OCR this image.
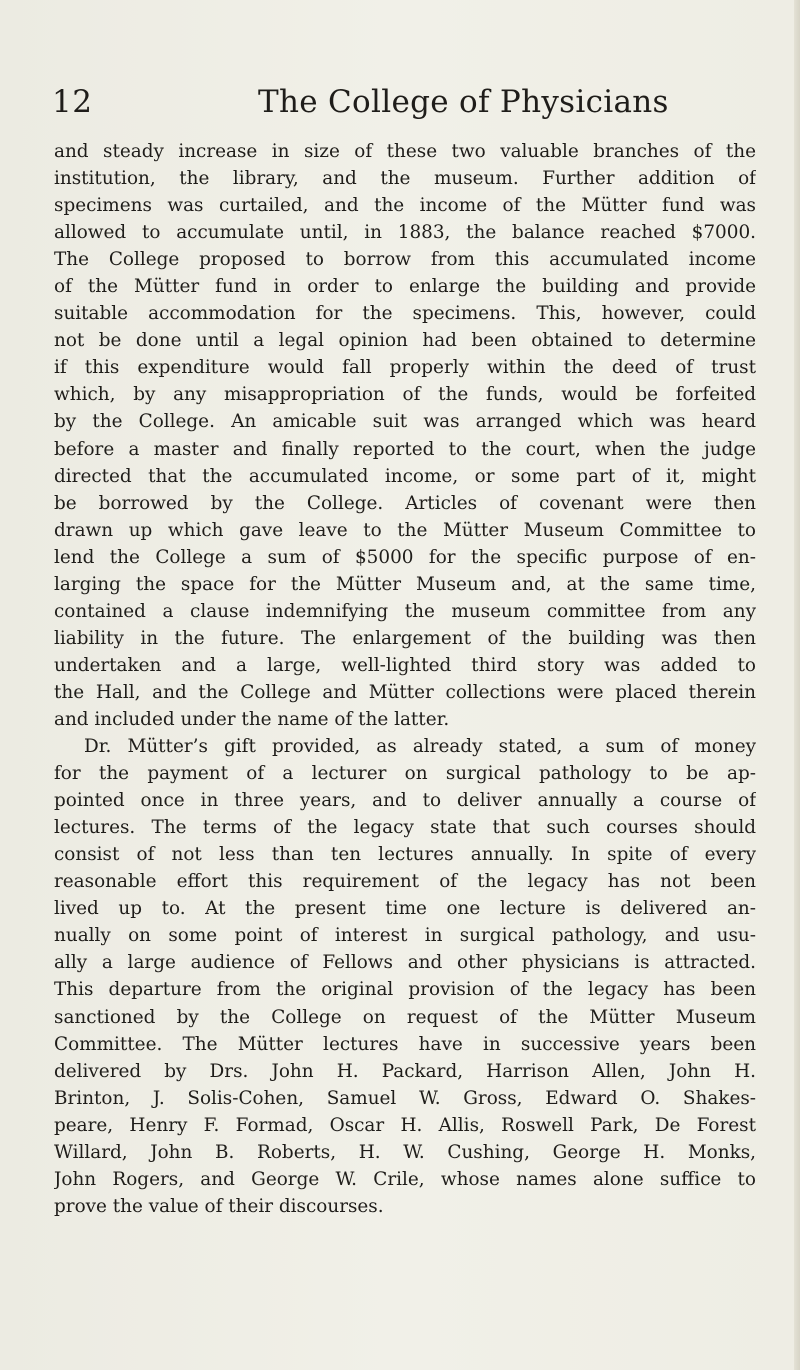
12	The College of Physicians
and steady increase in size of these two valuable branches of the
institution, the library, and the museum. Further addition of
specimens was curtailed, and the income of the Mütter fund was
allowed to accumulate until, in 1883, the balance reached $7000.
The College proposed to borrow from this accumulated income
of the Mütter fund in order to enlarge the building and provide
suitable accommodation for the specimens. This, however, could
not be done until a legal opinion had been obtained to determine
if this expenditure would fall properly within the deed of trust
which, by any misappropriation of the funds, would be forfeited
by the College. An amicable suit was arranged which was heard
before a master and finally reported to the court, when the judge
directed that the accumulated income, or some part of it, might
be borrowed by the College. Articles of covenant were then
drawn up which gave leave to the Mütter Museum Committee to
lend the College a sum of $5000 for the specific purpose of en-
larging the space for the Mütter Museum and, at the same time,
contained a clause indemnifying the museum committee from any
liability in the future. The enlargement of the building was then
undertaken and a large, well-lighted third story was added to
the Hall, and the College and Mütter collections were placed therein
and included under the name of the latter.
Dr. Mütter’s gift provided, as already stated, a sum of money
for the payment of a lecturer on surgical pathology to be ap-
pointed once in three years, and to deliver annually a course of
lectures. The terms of the legacy state that such courses should
consist of not less than ten lectures annually. In spite of every
reasonable effort this requirement of the legacy has not been
lived up to. At the present time one lecture is delivered an-
nually on some point of interest in surgical pathology, and usu-
ally a large audience of Fellows and other physicians is attracted.
This departure from the original provision of the legacy has been
sanctioned by the College on request of the Mütter Museum
Committee. The Mütter lectures have in successive years been
delivered by Drs. John H. Packard, Harrison Allen, John H.
Brinton, J. Solis-Cohen, Samuel W. Gross, Edward O. Shakes-
peare, Henry F. Formad, Oscar H. Allis, Roswell Park, De Forest
Willard, John B. Roberts, H. W. Cushing, George H. Monks,
John Rogers, and George W. Crile, whose names alone suffice to
prove the value of their discourses.
